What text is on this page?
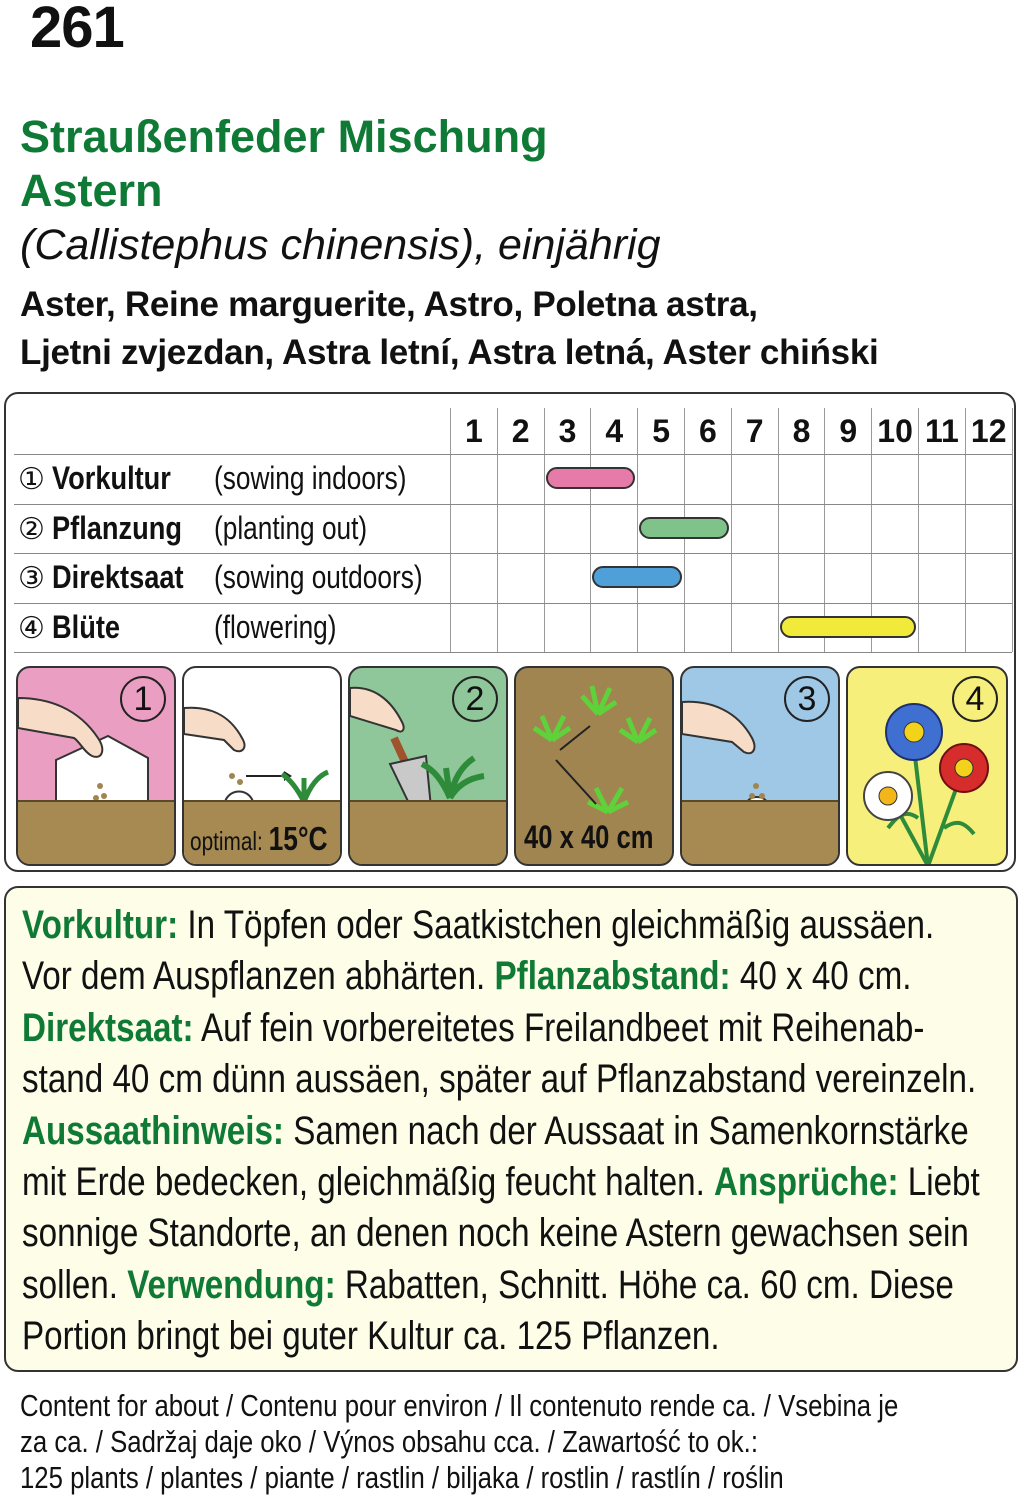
261
Straußenfeder Mischung
Astern
(Callistephus chinensis), einjährig
Aster, Reine marguerite, Astro, Poletna astra,
Ljetni zvjezdan, Astra letní, Astra letná, Aster chiński
1 2 3 4 5 6 7 8 9 10 11 12
① Vorkultur (sowing indoors)
② Pflanzung (planting out)
③ Direktsaat (sowing outdoors)
④ Blüte	(flowering)
1
optimal: 15°C
2
40 x 40 cm
3	4
Vorkultur: In Töpfen oder Saatkistchen gleichmäßig aussäen. Vor dem Auspflanzen abhärten. Pflanzabstand: 40 x 40 cm. Direktsaat: Auf fein vorbereitetes Freilandbeet mit Reihenabstand 40 cm dünn aussäen, später auf Pflanzabstand vereinzeln. Aussaathinweis: Samen nach der Aussaat in Samenkornstärke mit Erde bedecken, gleichmäßig feucht halten. Ansprüche: Liebt sonnige Standorte, an denen noch keine Astern gewachsen sein sollen. Verwendung: Rabatten, Schnitt. Höhe ca. 60 cm. Diese Portion bringt bei guter Kultur ca. 125 Pflanzen.
Content for about / Contenu pour environ / Il contenuto rende ca. / Vsebina je
za ca. / Sadržaj daje oko / Výnos obsahu cca. / Zawartość to ok.:
125 plants / plantes / piante / rastlin / biljaka / rostlin / rastlín / roślin
